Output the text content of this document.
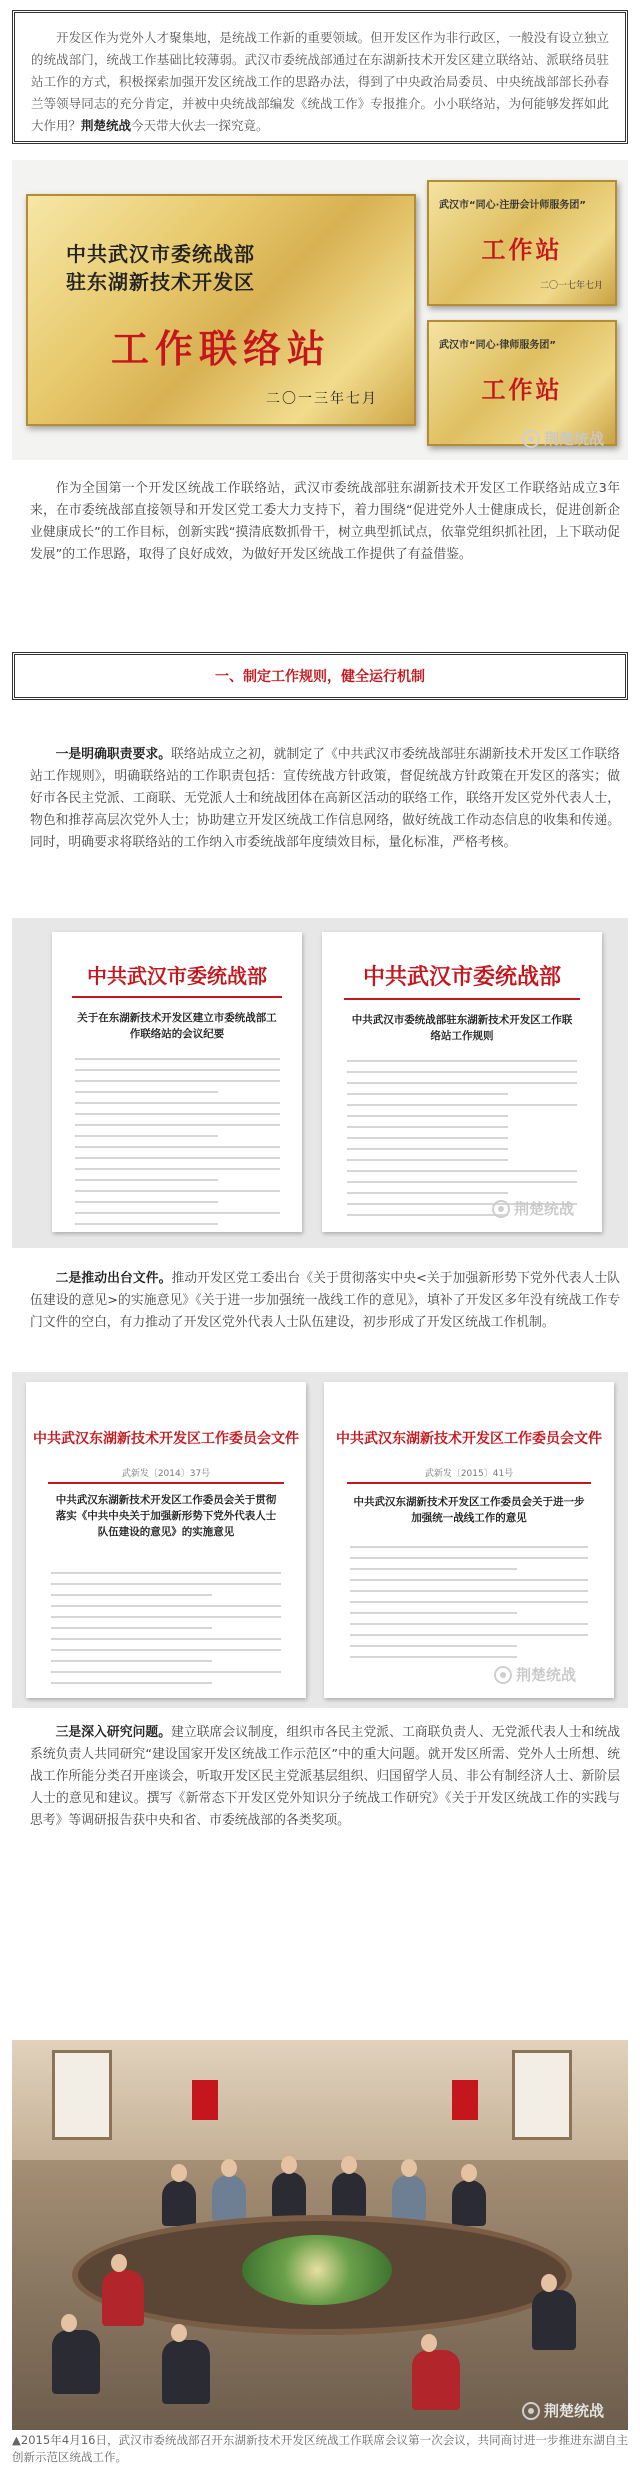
开发区作为党外人才聚集地，是统战工作新的重要领域。但开发区作为非行政区，一般没有设立独立的统战部门，统战工作基础比较薄弱。武汉市委统战部通过在东湖新技术开发区建立联络站、派联络员驻站工作的方式，积极探索加强开发区统战工作的思路办法，得到了中央政治局委员、中央统战部部长孙春兰等领导同志的充分肯定，并被中央统战部编发《统战工作》专报推介。小小联络站，为何能够发挥如此大作用？荆楚统战今天带大伙去一探究竟。

中共武汉市委统战部
驻东湖新技术开发区
工作联络站
二〇一三年七月
武汉市“同心·注册会计师服务团”
工作站
二〇一七年七月
武汉市“同心·律师服务团”
工作站
荆楚统战

作为全国第一个开发区统战工作联络站，武汉市委统战部驻东湖新技术开发区工作联络站成立3年来，在市委统战部直接领导和开发区党工委大力支持下，着力围绕“促进党外人士健康成长，促进创新企业健康成长”的工作目标，创新实践“摸清底数抓骨干，树立典型抓试点，依靠党组织抓社团，上下联动促发展”的工作思路，取得了良好成效，为做好开发区统战工作提供了有益借鉴。

一、制定工作规则，健全运行机制

一是明确职责要求。联络站成立之初，就制定了《中共武汉市委统战部驻东湖新技术开发区工作联络站工作规则》，明确联络站的工作职责包括：宣传统战方针政策，督促统战方针政策在开发区的落实；做好市各民主党派、工商联、无党派人士和统战团体在高新区活动的联络工作，联络开发区党外代表人士，物色和推荐高层次党外人士；协助建立开发区统战工作信息网络，做好统战工作动态信息的收集和传递。同时，明确要求将联络站的工作纳入市委统战部年度绩效目标，量化标准，严格考核。

中共武汉市委统战部
关于在东湖新技术开发区建立市委统战部工作联络站的会议纪要
中共武汉市委统战部
中共武汉市委统战部驻东湖新技术开发区工作联络站工作规则
荆楚统战

二是推动出台文件。推动开发区党工委出台《关于贯彻落实中央<关于加强新形势下党外代表人士队伍建设的意见>的实施意见》《关于进一步加强统一战线工作的意见》，填补了开发区多年没有统战工作专门文件的空白，有力推动了开发区党外代表人士队伍建设，初步形成了开发区统战工作机制。

中共武汉东湖新技术开发区工作委员会文件
武新发〔2014〕37号
中共武汉东湖新技术开发区工作委员会关于贯彻落实《中共中央关于加强新形势下党外代表人士队伍建设的意见》的实施意见
中共武汉东湖新技术开发区工作委员会文件
武新发〔2015〕41号
中共武汉东湖新技术开发区工作委员会关于进一步加强统一战线工作的意见
荆楚统战

三是深入研究问题。建立联席会议制度，组织市各民主党派、工商联负责人、无党派代表人士和统战系统负责人共同研究“建设国家开发区统战工作示范区”中的重大问题。就开发区所需、党外人士所想、统战工作所能分类召开座谈会，听取开发区民主党派基层组织、归国留学人员、非公有制经济人士、新阶层人士的意见和建议。撰写《新常态下开发区党外知识分子统战工作研究》《关于开发区统战工作的实践与思考》等调研报告获中央和省、市委统战部的各类奖项。

荆楚统战

▲2015年4月16日，武汉市委统战部召开东湖新技术开发区统战工作联席会议第一次会议，共同商讨进一步推进东湖自主创新示范区统战工作。
